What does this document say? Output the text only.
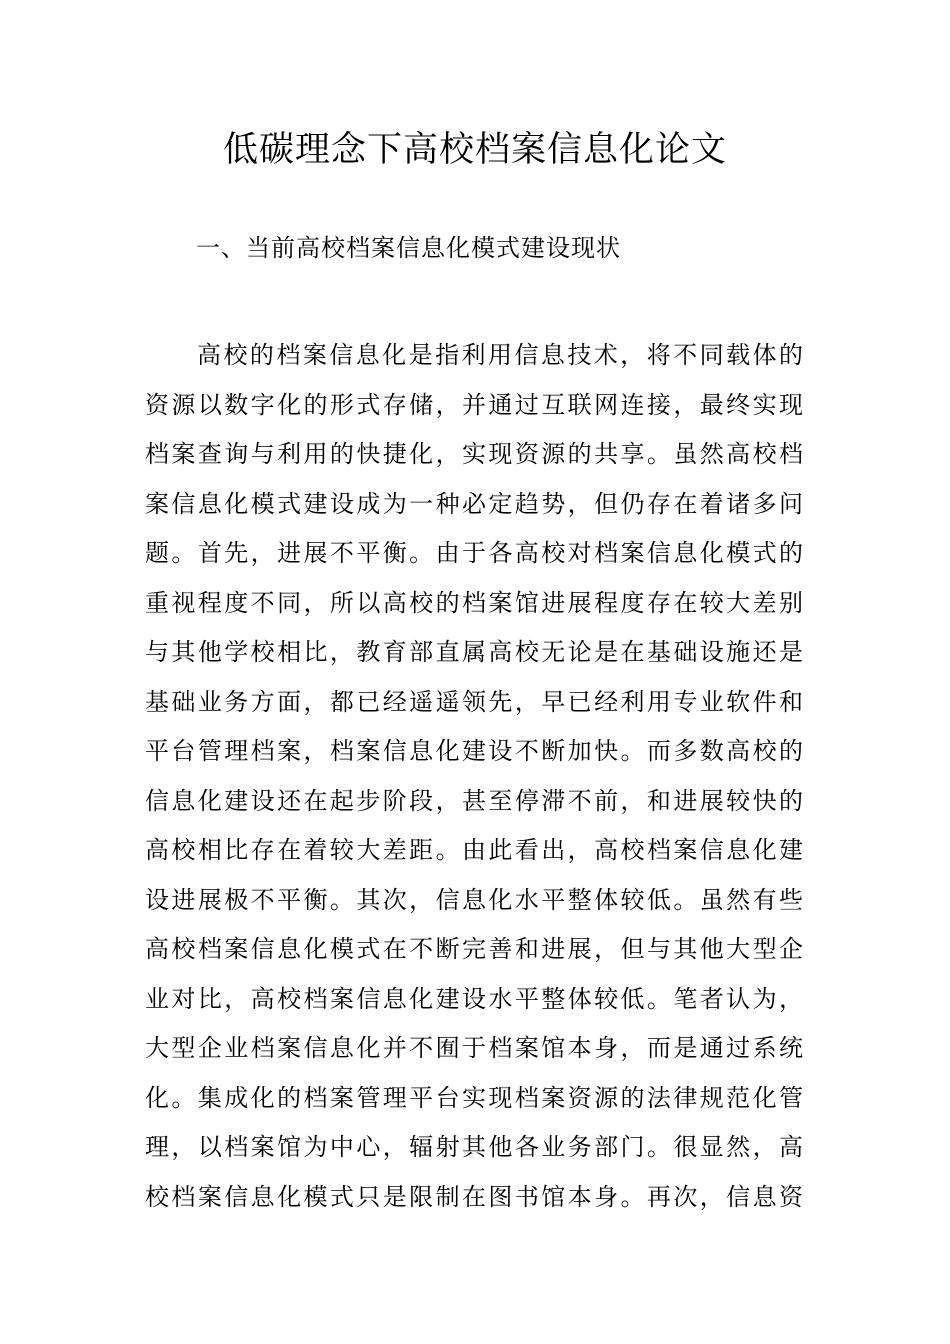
低碳理念下高校档案信息化论文
一、当前高校档案信息化模式建设现状
高校的档案信息化是指利用信息技术，将不同载体的
资源以数字化的形式存储，并通过互联网连接，最终实现
档案查询与利用的快捷化，实现资源的共享。虽然高校档
案信息化模式建设成为一种必定趋势，但仍存在着诸多问
题。首先，进展不平衡。由于各高校对档案信息化模式的
重视程度不同，所以高校的档案馆进展程度存在较大差别
与其他学校相比，教育部直属高校无论是在基础设施还是
基础业务方面，都已经遥遥领先，早已经利用专业软件和
平台管理档案，档案信息化建设不断加快。而多数高校的
信息化建设还在起步阶段，甚至停滞不前，和进展较快的
高校相比存在着较大差距。由此看出，高校档案信息化建
设进展极不平衡。其次，信息化水平整体较低。虽然有些
高校档案信息化模式在不断完善和进展，但与其他大型企
业对比，高校档案信息化建设水平整体较低。笔者认为，
大型企业档案信息化并不囿于档案馆本身，而是通过系统
化。集成化的档案管理平台实现档案资源的法律规范化管
理，以档案馆为中心，辐射其他各业务部门。很显然，高
校档案信息化模式只是限制在图书馆本身。再次，信息资
